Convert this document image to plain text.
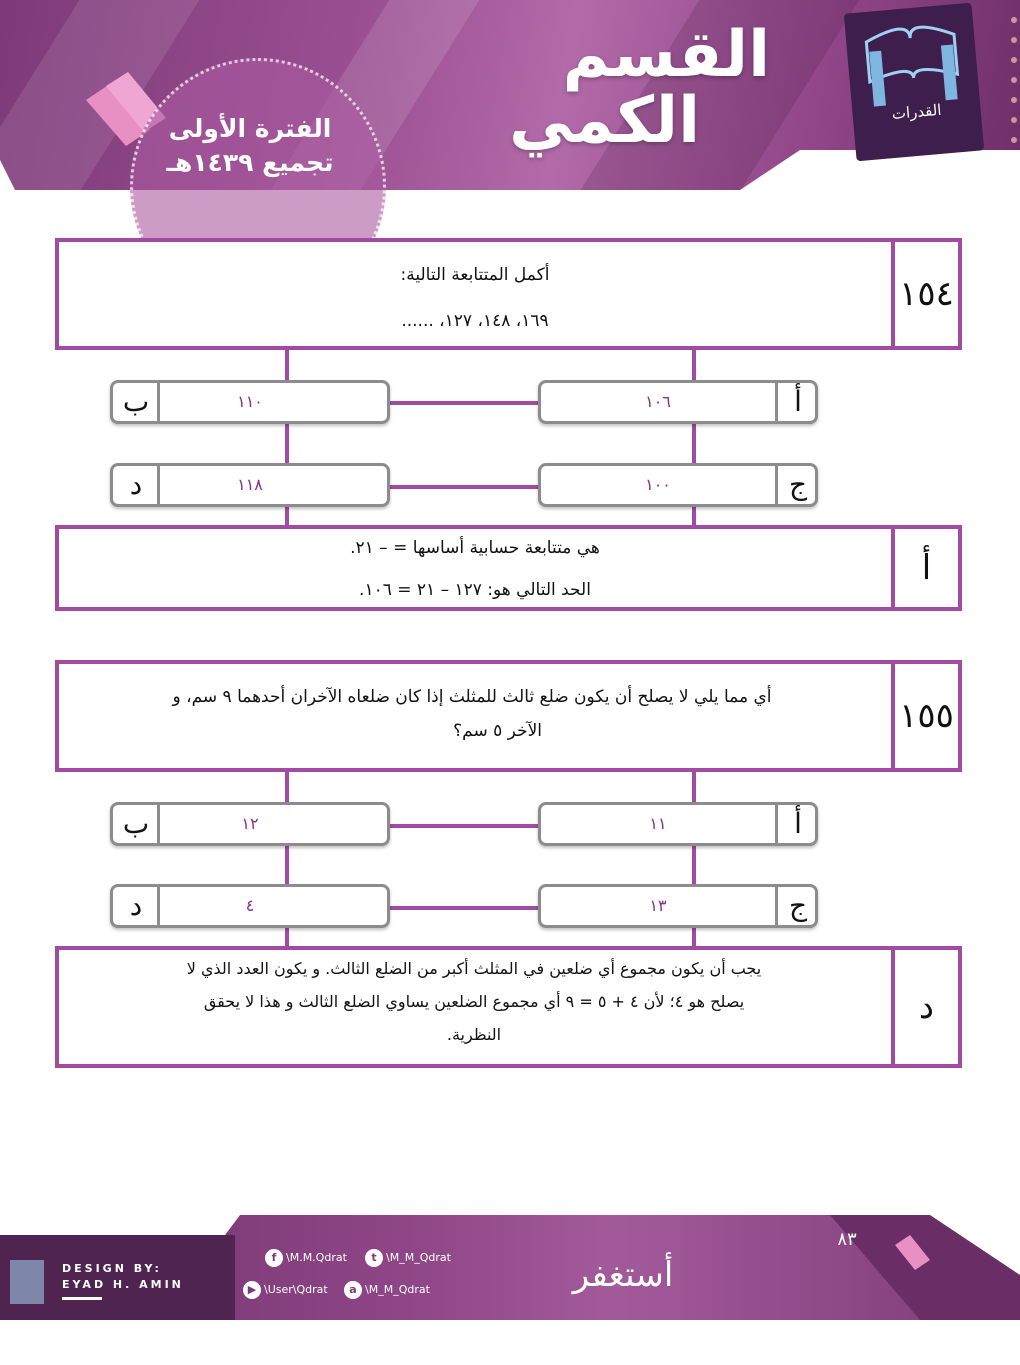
الفترة الأولى
تجميع ١٤٣٩هـ
القسم
الكمي	القدرات
أكمل المتتابعة التالية:
١٦٩، ١٤٨، ١٢٧، ......
١٥٤
١٠٦	أ
ب	١١٠
١٠٠	ج
د	١١٨
هي متتابعة حسابية أساسها = – ٢١.
الحد التالي هو: ١٢٧ – ٢١ = ١٠٦.
أ
أي مما يلي لا يصلح أن يكون ضلع ثالث للمثلث إذا كان ضلعاه الآخران أحدهما ٩ سم، و
الآخر ٥ سم؟	١٥٥
١١	أ
ب	١٢
١٣	ج
د	٤
يجب أن يكون مجموع أي ضلعين في المثلث أكبر من الضلع الثالث. و يكون العدد الذي لا
يصلح هو ٤؛ لأن ٤ + ٥ = ٩ أي مجموع الضلعين يساوي الضلع الثالث و هذا لا يحقق
النظرية.
د
DESIGN BY:
EYAD H. AMIN
f \M.M.Qdrat	t \M_M_Qdrat
▶ \User\Qdrat	a \M_M_Qdrat	أستغفر الله
٨٣
